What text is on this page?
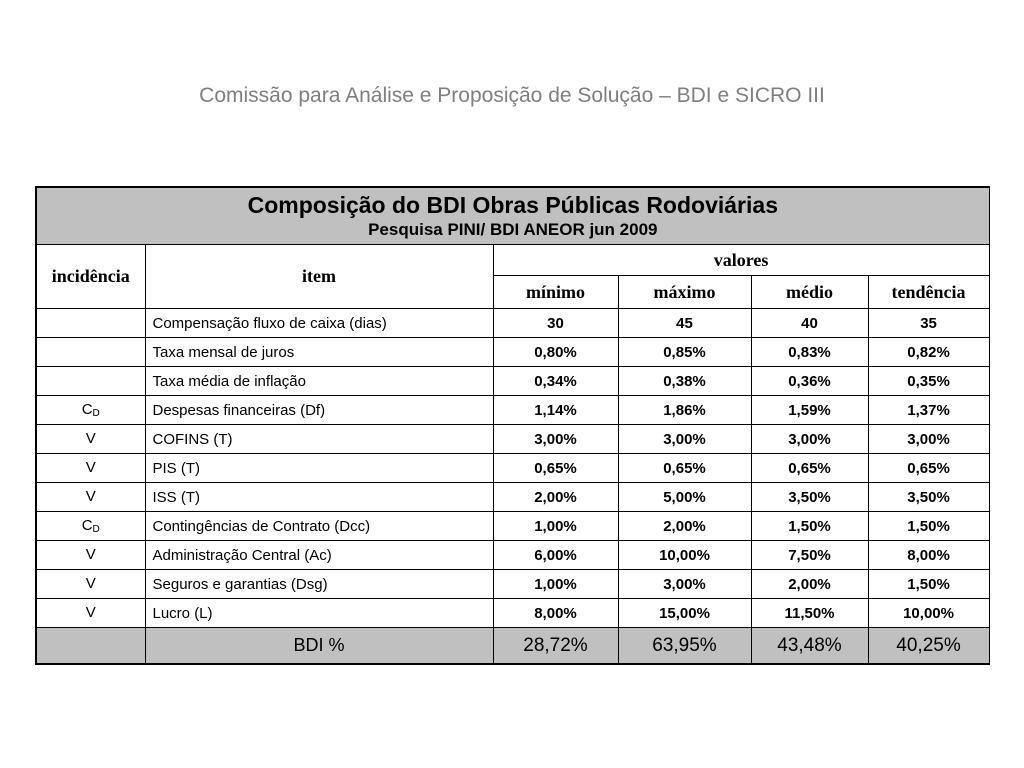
Comissão para Análise e Proposição de Solução – BDI e SICRO III
Composição do BDI Obras Públicas Rodoviárias
Pesquisa PINI/ BDI ANEOR jun 2009					

incidência	item	valores			
		mínimo	máximo	médio	tendência
	Compensação fluxo de caixa (dias)	30	45	40	35
	Taxa mensal de juros	0,80%	0,85%	0,83%	0,82%
	Taxa média de inflação	0,34%	0,38%	0,36%	0,35%
$C_D$	Despesas financeiras (Df)	1,14%	1,86%	1,59%	1,37%
V	COFINS (T)	3,00%	3,00%	3,00%	3,00%
V	PIS (T)	0,65%	0,65%	0,65%	0,65%
V	ISS (T)	2,00%	5,00%	3,50%	3,50%
$C_D$	Contingências de Contrato (Dcc)	1,00%	2,00%	1,50%	1,50%
V	Administração Central (Ac)	6,00%	10,00%	7,50%	8,00%
V	Seguros e garantias (Dsg)	1,00%	3,00%	2,00%	1,50%
V	Lucro (L)	8,00%	15,00%	11,50%	10,00%
	BDI %	28,72%	63,95%	43,48%	40,25%
